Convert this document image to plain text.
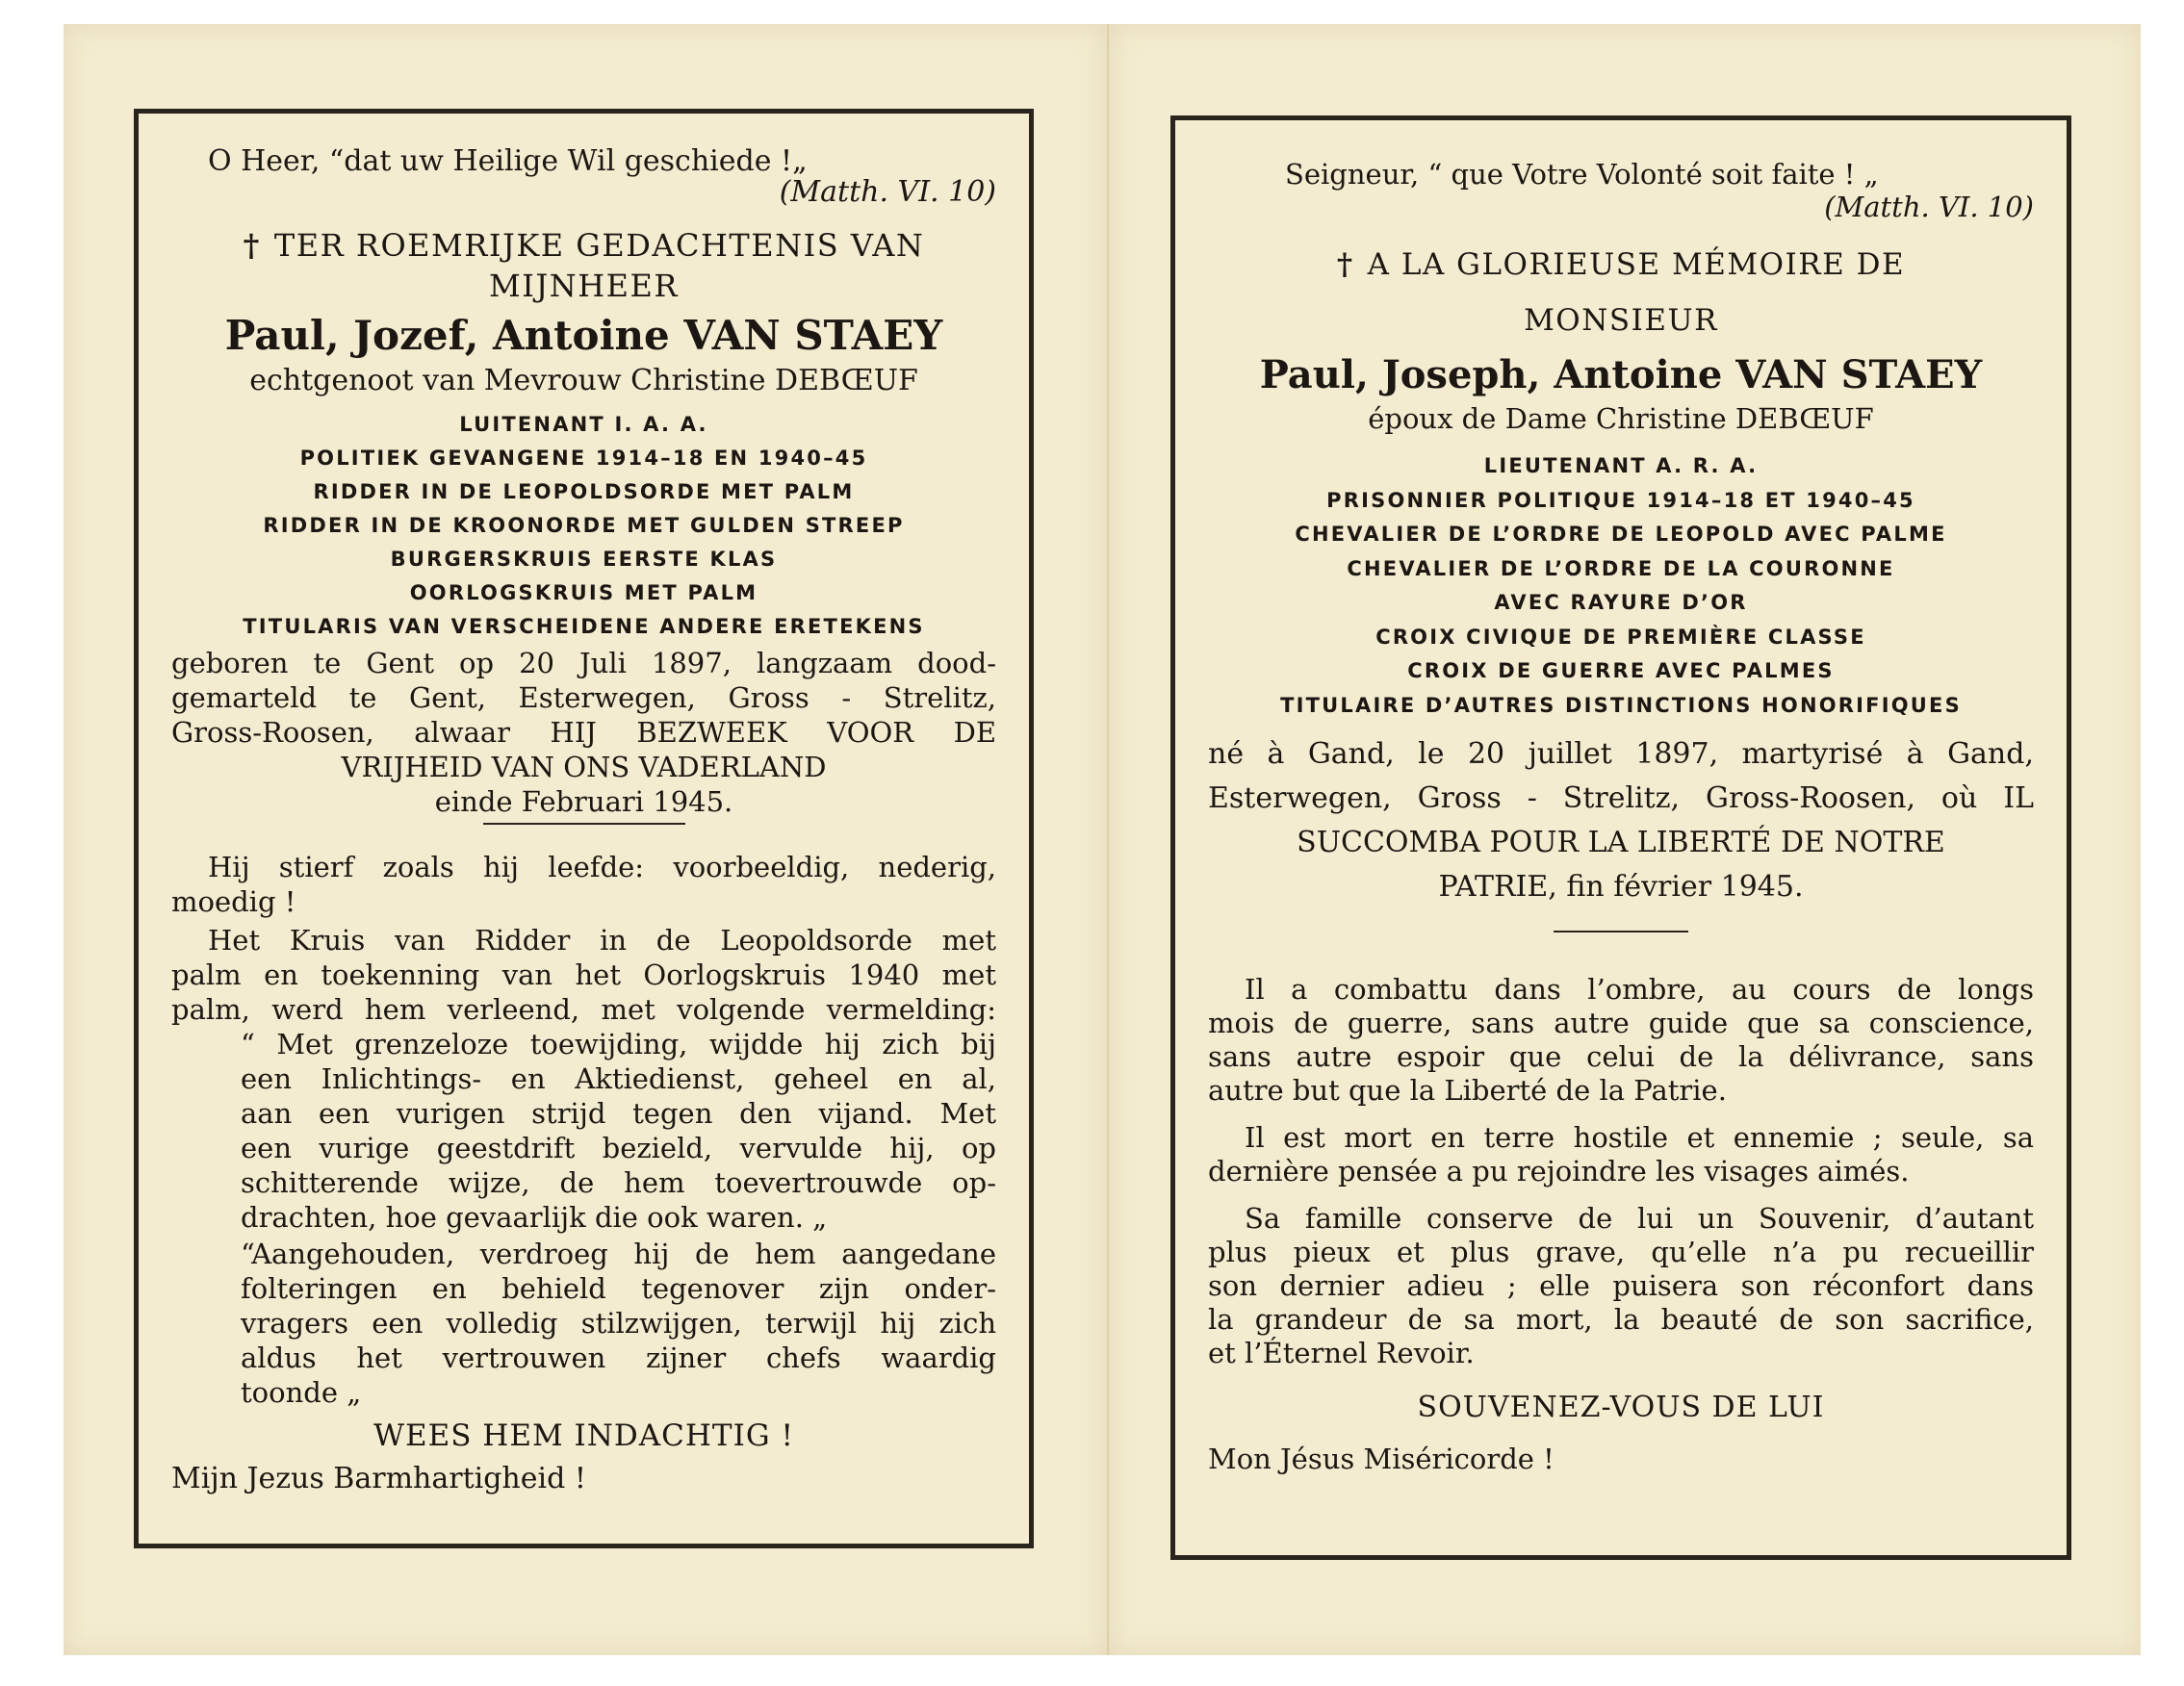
O Heer, “dat uw Heilige Wil geschiede !„
(Matth. VI. 10)
† TER ROEMRIJKE GEDACHTENIS VAN
MIJNHEER
Paul, Jozef, Antoine VAN STAEY
echtgenoot van Mevrouw Christine DEBŒUF
LUITENANT I. A. A.
POLITIEK GEVANGENE 1914–18 EN 1940–45
RIDDER IN DE LEOPOLDSORDE MET PALM
RIDDER IN DE KROONORDE MET GULDEN STREEP
BURGERSKRUIS EERSTE KLAS
OORLOGSKRUIS MET PALM
TITULARIS VAN VERSCHEIDENE ANDERE ERETEKENS
geboren te Gent op 20 Juli 1897, langzaam dood-
gemarteld te Gent, Esterwegen, Gross - Strelitz,
Gross-Roosen, alwaar HIJ BEZWEEK VOOR DE
VRIJHEID VAN ONS VADERLAND
einde Februari 1945.
Hij stierf zoals hij leefde: voorbeeldig, nederig,
moedig !
Het Kruis van Ridder in de Leopoldsorde met
palm en toekenning van het Oorlogskruis 1940 met
palm, werd hem verleend, met volgende vermelding:
“ Met grenzeloze toewijding, wijdde hij zich bij
een Inlichtings- en Aktiedienst, geheel en al,
aan een vurigen strijd tegen den vijand. Met
een vurige geestdrift bezield, vervulde hij, op
schitterende wijze, de hem toevertrouwde op-
drachten, hoe gevaarlijk die ook waren. „
“Aangehouden, verdroeg hij de hem aangedane
folteringen en behield tegenover zijn onder-
vragers een volledig stilzwijgen, terwijl hij zich
aldus het vertrouwen zijner chefs waardig
toonde „
WEES HEM INDACHTIG !
Mijn Jezus Barmhartigheid !
Seigneur, “ que Votre Volonté soit faite ! „
(Matth. VI. 10)
† A LA GLORIEUSE MÉMOIRE DE
MONSIEUR
Paul, Joseph, Antoine VAN STAEY
époux de Dame Christine DEBŒUF
LIEUTENANT A. R. A.
PRISONNIER POLITIQUE 1914–18 ET 1940–45
CHEVALIER DE L’ORDRE DE LEOPOLD AVEC PALME
CHEVALIER DE L’ORDRE DE LA COURONNE
AVEC RAYURE D’OR
CROIX CIVIQUE DE PREMIÈRE CLASSE
CROIX DE GUERRE AVEC PALMES
TITULAIRE D’AUTRES DISTINCTIONS HONORIFIQUES
né à Gand, le 20 juillet 1897, martyrisé à Gand,
Esterwegen, Gross - Strelitz, Gross-Roosen, où IL
SUCCOMBA POUR LA LIBERTÉ DE NOTRE
PATRIE, fin février 1945.
Il a combattu dans l’ombre, au cours de longs
mois de guerre, sans autre guide que sa conscience,
sans autre espoir que celui de la délivrance, sans
autre but que la Liberté de la Patrie.
Il est mort en terre hostile et ennemie ; seule, sa
dernière pensée a pu rejoindre les visages aimés.
Sa famille conserve de lui un Souvenir, d’autant
plus pieux et plus grave, qu’elle n’a pu recueillir
son dernier adieu ; elle puisera son réconfort dans
la grandeur de sa mort, la beauté de son sacrifice,
et l’Éternel Revoir.
SOUVENEZ-VOUS DE LUI
Mon Jésus Miséricorde !
